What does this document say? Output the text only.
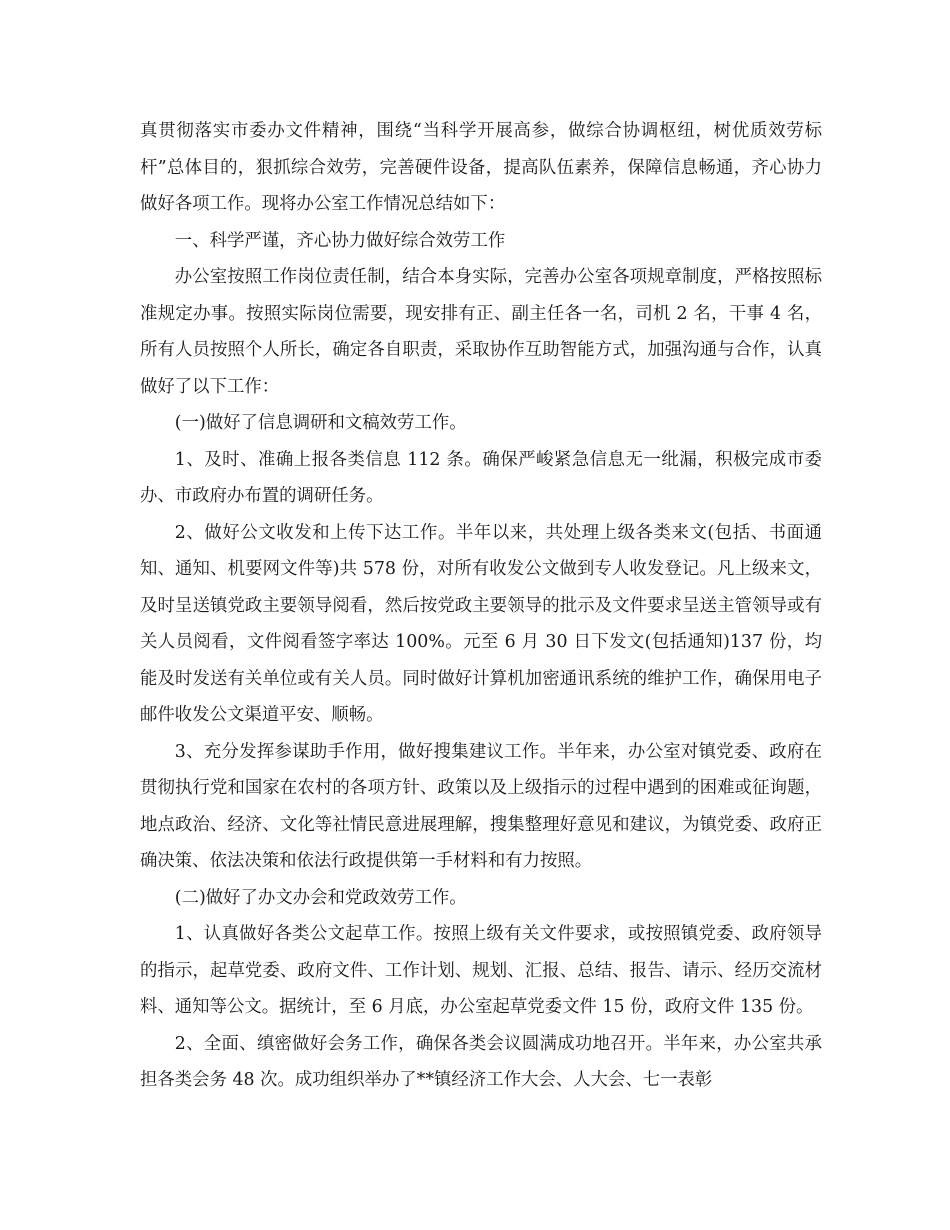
真贯彻落实市委办文件精神，围绕“当科学开展高参，做综合协调枢纽，树优质效劳标杆”总体目的，狠抓综合效劳，完善硬件设备，提高队伍素养，保障信息畅通，齐心协力做好各项工作。现将办公室工作情况总结如下：

一、科学严谨，齐心协力做好综合效劳工作

办公室按照工作岗位责任制，结合本身实际，完善办公室各项规章制度，严格按照标准规定办事。按照实际岗位需要，现安排有正、副主任各一名，司机 2 名，干事 4 名，所有人员按照个人所长，确定各自职责，采取协作互助智能方式，加强沟通与合作，认真做好了以下工作：

(一)做好了信息调研和文稿效劳工作。

1、及时、准确上报各类信息 112 条。确保严峻紧急信息无一纰漏，积极完成市委办、市政府办布置的调研任务。

2、做好公文收发和上传下达工作。半年以来，共处理上级各类来文(包括、书面通知、通知、机要网文件等)共 578 份，对所有收发公文做到专人收发登记。凡上级来文，及时呈送镇党政主要领导阅看，然后按党政主要领导的批示及文件要求呈送主管领导或有关人员阅看，文件阅看签字率达 100%。元至 6 月 30 日下发文(包括通知)137 份，均能及时发送有关单位或有关人员。同时做好计算机加密通讯系统的维护工作，确保用电子邮件收发公文渠道平安、顺畅。

3、充分发挥参谋助手作用，做好搜集建议工作。半年来，办公室对镇党委、政府在贯彻执行党和国家在农村的各项方针、政策以及上级指示的过程中遇到的困难或征询题，地点政治、经济、文化等社情民意进展理解，搜集整理好意见和建议，为镇党委、政府正确决策、依法决策和依法行政提供第一手材料和有力按照。

(二)做好了办文办会和党政效劳工作。

1、认真做好各类公文起草工作。按照上级有关文件要求，或按照镇党委、政府领导的指示，起草党委、政府文件、工作计划、规划、汇报、总结、报告、请示、经历交流材料、通知等公文。据统计，至 6 月底，办公室起草党委文件 15 份，政府文件 135 份。

2、全面、缜密做好会务工作，确保各类会议圆满成功地召开。半年来，办公室共承担各类会务 48 次。成功组织举办了**镇经济工作大会、人大会、七一表彰
